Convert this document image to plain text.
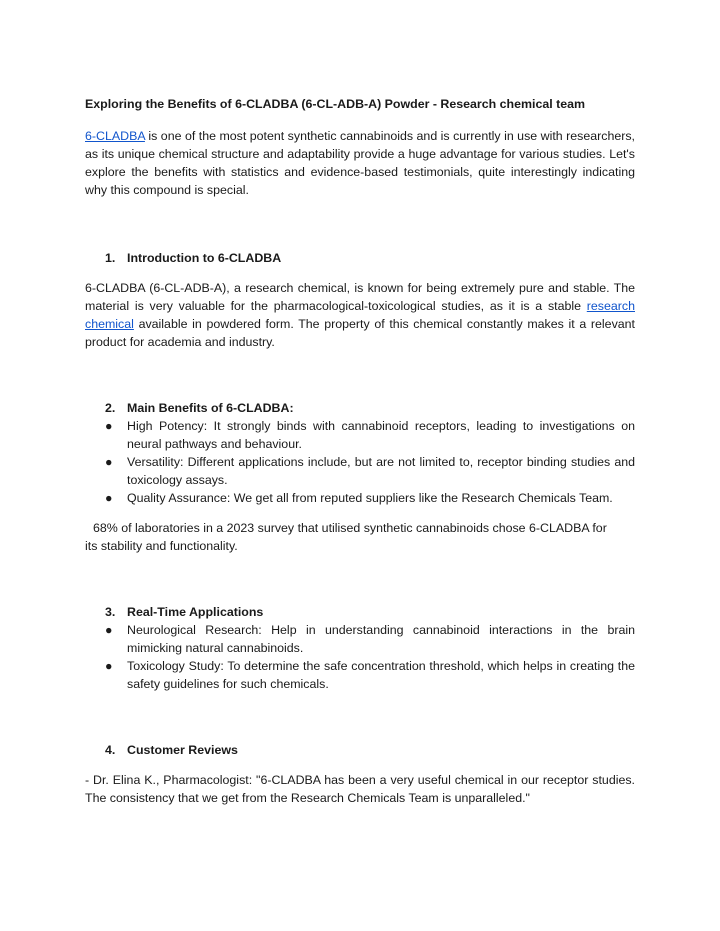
Exploring the Benefits of 6-CLADBA (6-CL-ADB-A) Powder - Research chemical team

6-CLADBA is one of the most potent synthetic cannabinoids and is currently in use with researchers, as its unique chemical structure and adaptability provide a huge advantage for various studies. Let's explore the benefits with statistics and evidence-based testimonials, quite interestingly indicating why this compound is special.

1. Introduction to 6-CLADBA

6-CLADBA (6-CL-ADB-A), a research chemical, is known for being extremely pure and stable. The material is very valuable for the pharmacological-toxicological studies, as it is a stable research chemical available in powdered form. The property of this chemical constantly makes it a relevant product for academia and industry.

2. Main Benefits of 6-CLADBA:

● High Potency: It strongly binds with cannabinoid receptors, leading to investigations on neural pathways and behaviour.
● Versatility: Different applications include, but are not limited to, receptor binding studies and toxicology assays.
● Quality Assurance: We get all from reputed suppliers like the Research Chemicals Team.

68% of laboratories in a 2023 survey that utilised synthetic cannabinoids chose 6-CLADBA for

its stability and functionality.

3. Real-Time Applications

● Neurological Research: Help in understanding cannabinoid interactions in the brain mimicking natural cannabinoids.
● Toxicology Study: To determine the safe concentration threshold, which helps in creating the safety guidelines for such chemicals.

4. Customer Reviews

- Dr. Elina K., Pharmacologist: "6-CLADBA has been a very useful chemical in our receptor studies. The consistency that we get from the Research Chemicals Team is unparalleled."
